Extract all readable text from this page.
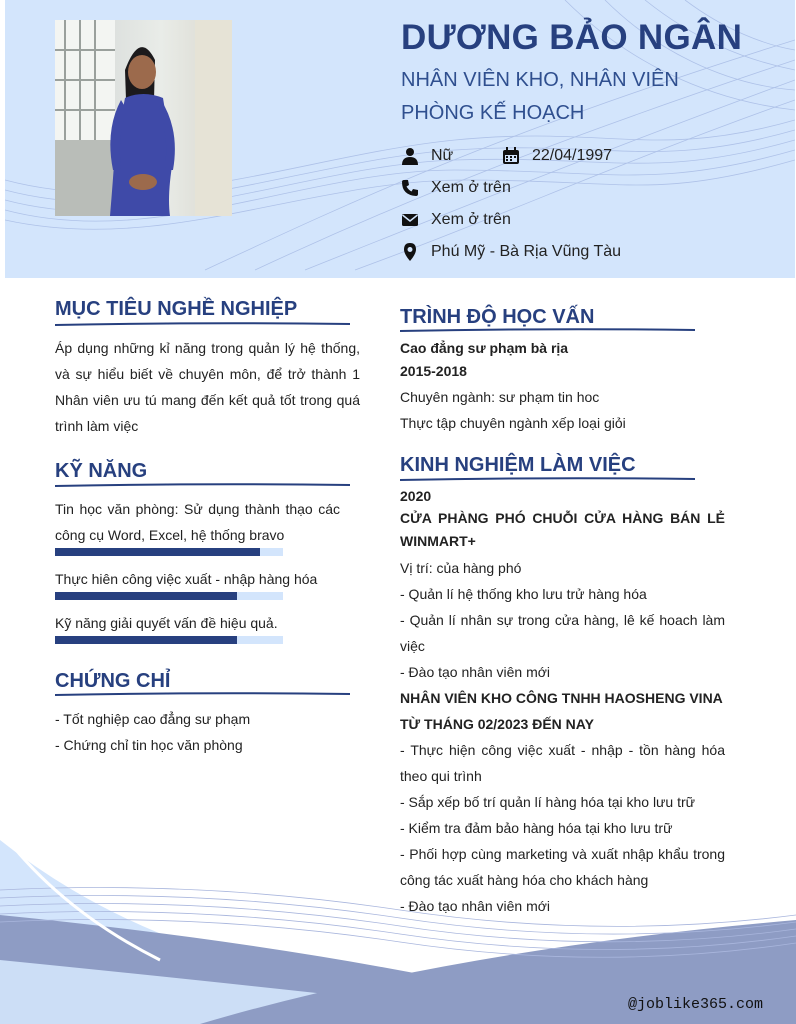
DƯƠNG BẢO NGÂN
NHÂN VIÊN KHO, NHÂN VIÊN PHÒNG KẾ HOẠCH
Nữ	22/04/1997
Xem ở trên
Xem ở trên
Phú Mỹ - Bà Rịa Vũng Tàu
MỤC TIÊU NGHỀ NGHIỆP
Áp dụng những kỉ năng trong quản lý hệ thống, và sự hiểu biết về chuyên môn, để trở thành 1 Nhân viên ưu tú mang đến kết quả tốt trong quá trình làm việc
KỸ NĂNG
Tin học văn phòng: Sử dụng thành thạo các công cụ Word, Excel, hệ thống bravo
Thực hiên công việc xuất - nhập hàng hóa
Kỹ năng giải quyết vấn đề hiệu quả.
CHỨNG CHỈ
- Tốt nghiệp cao đẳng sư phạm
- Chứng chỉ tin học văn phòng
TRÌNH ĐỘ HỌC VẤN
Cao đẳng sư phạm bà rịa
2015-2018
Chuyên ngành: sư phạm tin hoc
Thực tập chuyên ngành xếp loại giỏi
KINH NGHIỆM LÀM VIỆC
2020
CỬA PHÀNG PHÓ CHUỖI CỬA HÀNG BÁN LẺ WINMART+
Vị trí: của hàng phó
- Quản lí hệ thống kho lưu trử hàng hóa
- Quản lí nhân sự trong cửa hàng, lê kế hoach làm việc
- Đào tạo nhân viên mới
NHÂN VIÊN KHO CÔNG TNHH HAOSHENG VINA
TỪ THÁNG 02/2023 ĐẾN NAY
- Thực hiện công việc xuất - nhập - tồn hàng hóa theo qui trình
- Sắp xếp bố trí quản lí hàng hóa tại kho lưu trữ
- Kiểm tra đảm bảo hàng hóa tại kho lưu trữ
- Phối hợp cùng marketing và xuất nhập khẩu trong công tác xuất hàng hóa cho khách hàng
- Đào tạo nhân viên mới
@joblike365.com
